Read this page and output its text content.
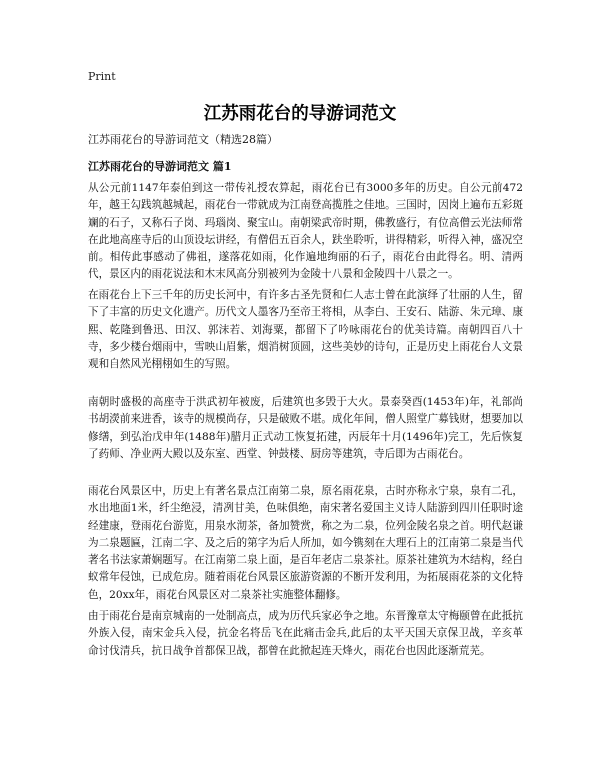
Print
江苏雨花台的导游词范文
江苏雨花台的导游词范文（精选28篇）
江苏雨花台的导游词范文 篇1

从公元前1147年泰伯到这一带传礼授农算起，雨花台已有3000多年的历史。自公元前472年，越王勾践筑越城起，雨花台一带就成为江南登高揽胜之佳地。三国时，因岗上遍布五彩斑斓的石子，又称石子岗、玛瑙岗、聚宝山。南朝梁武帝时期，佛教盛行，有位高僧云光法师常在此地高座寺后的山顶设坛讲经，有僧侣五百余人，趺坐聆听，讲得精彩，听得入神，盛况空前。相传此事感动了佛祖，遂落花如雨，化作遍地绚丽的石子，雨花台由此得名。明、清两代，景区内的雨花说法和木末风高分别被列为金陵十八景和金陵四十八景之一。

在雨花台上下三千年的历史长河中，有许多古圣先贤和仁人志士曾在此演绎了壮丽的人生，留下了丰富的历史文化遗产。历代文人墨客乃至帝王将相，从李白、王安石、陆游、朱元璋、康熙、乾隆到鲁迅、田汉、郭沫若、刘海粟，都留下了吟咏雨花台的优美诗篇。南朝四百八十寺，多少楼台烟雨中，雪映山眉紫，烟消树顶圆，这些美妙的诗句，正是历史上雨花台人文景观和自然风光栩栩如生的写照。

南朝时盛极的高座寺于洪武初年被废，后建筑也多毁于大火。景泰癸酉(1453年)年，礼部尚书胡濙前来进香，该寺的规模尚存，只是破败不堪。成化年间，僧人照堂广募钱财，想要加以修缮，到弘治戊申年(1488年)腊月正式动工恢复拓建，丙辰年十月(1496年)完工，先后恢复了药师、净业两大殿以及东室、西堂、钟鼓楼、厨房等建筑，寺后即为古雨花台。

雨花台风景区中，历史上有著名景点江南第二泉，原名雨花泉，古时亦称永宁泉，泉有二孔，水出地面1米，纤尘绝浸，清冽甘美，色味俱绝，南宋著名爱国主义诗人陆游到四川任职时途经建康，登雨花台游览，用泉水沏茶，备加赞赏，称之为二泉，位列金陵名泉之首。明代赵谦为二泉题匾，江南二字、及之后的第字为后人所加，如今镌刻在大理石上的江南第二泉是当代著名书法家萧娴题写。在江南第二泉上面，是百年老店二泉茶社。原茶社建筑为木结构，经白蚁常年侵蚀，已成危房。随着雨花台风景区旅游资源的不断开发利用，为拓展雨花茶的文化特色，20xx年，雨花台风景区对二泉茶社实施整体翻修。

由于雨花台是南京城南的一处制高点，成为历代兵家必争之地。东晋豫章太守梅颐曾在此抵抗外族入侵，南宋金兵入侵，抗金名将岳飞在此痛击金兵,此后的太平天国天京保卫战，辛亥革命讨伐清兵，抗日战争首都保卫战，都曾在此掀起连天烽火，雨花台也因此逐渐荒芜。
